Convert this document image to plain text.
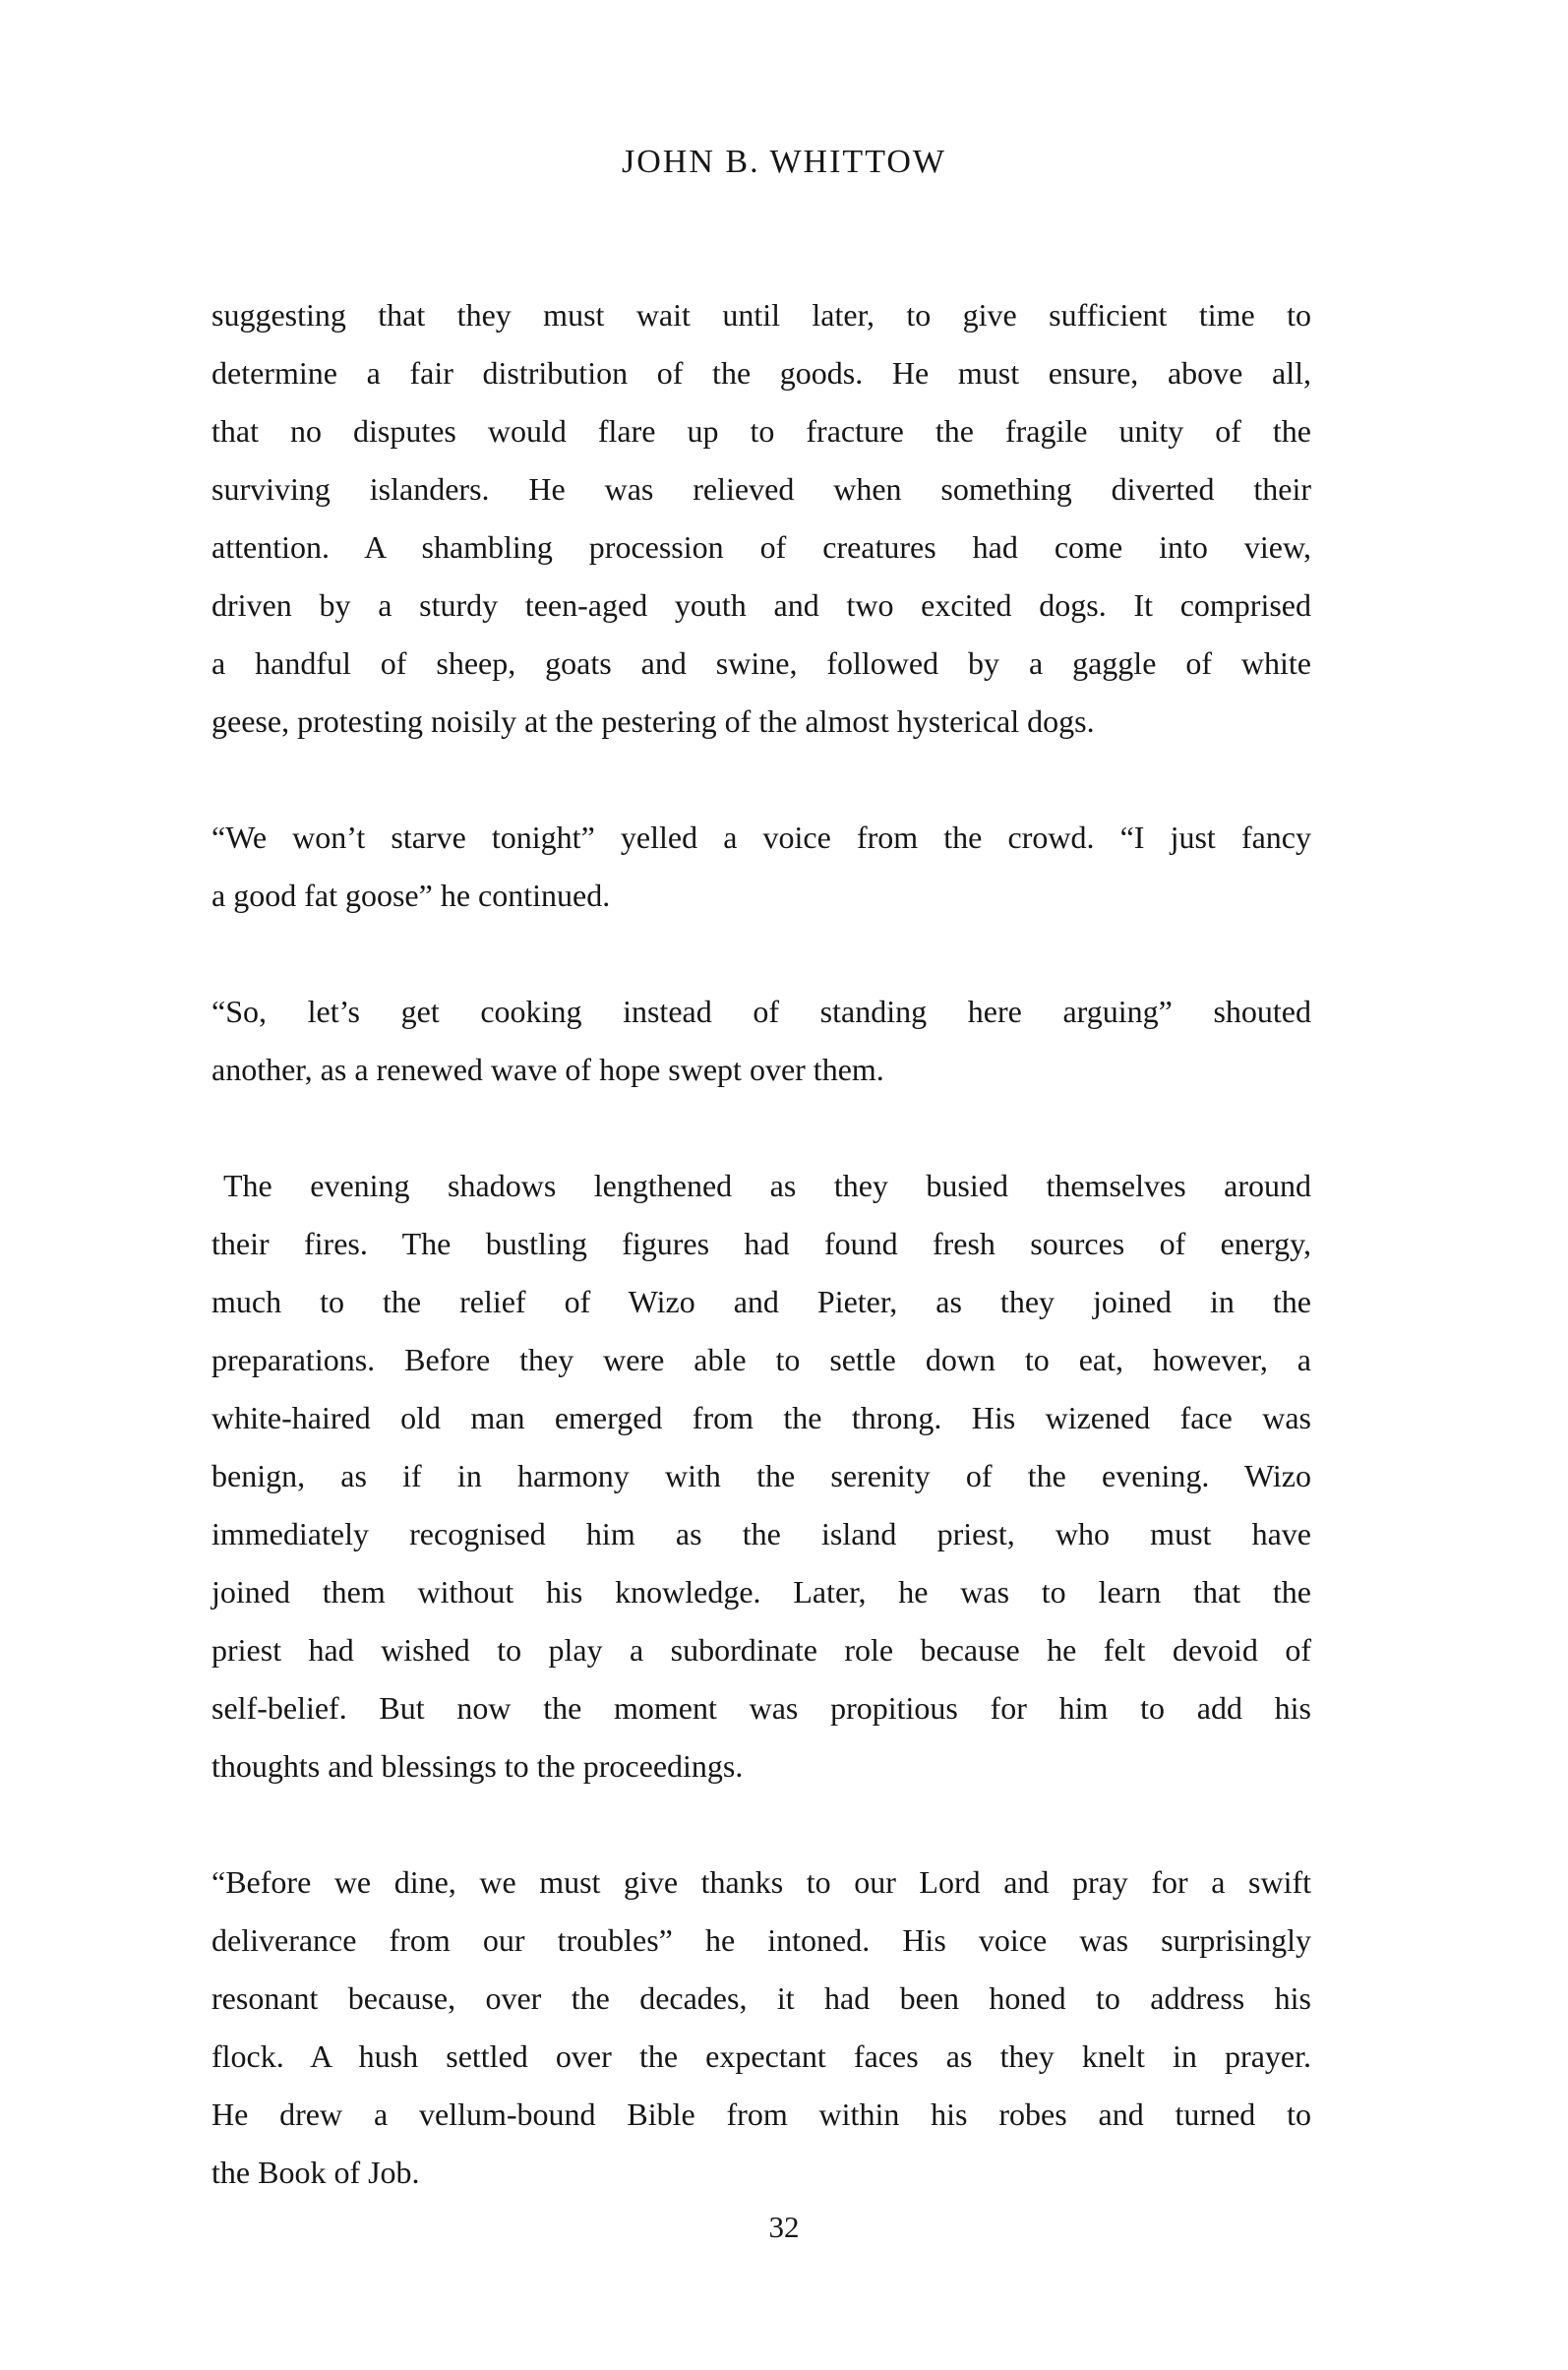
JOHN B. WHITTOW
suggesting that they must wait until later, to give sufficient time to
determine a fair distribution of the goods. He must ensure, above all,
that no disputes would flare up to fracture the fragile unity of the
surviving islanders. He was relieved when something diverted their
attention. A shambling procession of creatures had come into view,
driven by a sturdy teen-aged youth and two excited dogs. It comprised
a handful of sheep, goats and swine, followed by a gaggle of white
geese, protesting noisily at the pestering of the almost hysterical dogs.
“We won’t starve tonight” yelled a voice from the crowd. “I just fancy
a good fat goose” he continued.
“So, let’s get cooking instead of standing here arguing” shouted
another, as a renewed wave of hope swept over them.
The evening shadows lengthened as they busied themselves around
their fires. The bustling figures had found fresh sources of energy,
much to the relief of Wizo and Pieter, as they joined in the
preparations. Before they were able to settle down to eat, however, a
white-haired old man emerged from the throng. His wizened face was
benign, as if in harmony with the serenity of the evening. Wizo
immediately recognised him as the island priest, who must have
joined them without his knowledge. Later, he was to learn that the
priest had wished to play a subordinate role because he felt devoid of
self-belief. But now the moment was propitious for him to add his
thoughts and blessings to the proceedings.
“Before we dine, we must give thanks to our Lord and pray for a swift
deliverance from our troubles” he intoned. His voice was surprisingly
resonant because, over the decades, it had been honed to address his
flock. A hush settled over the expectant faces as they knelt in prayer.
He drew a vellum-bound Bible from within his robes and turned to
the Book of Job.
32
